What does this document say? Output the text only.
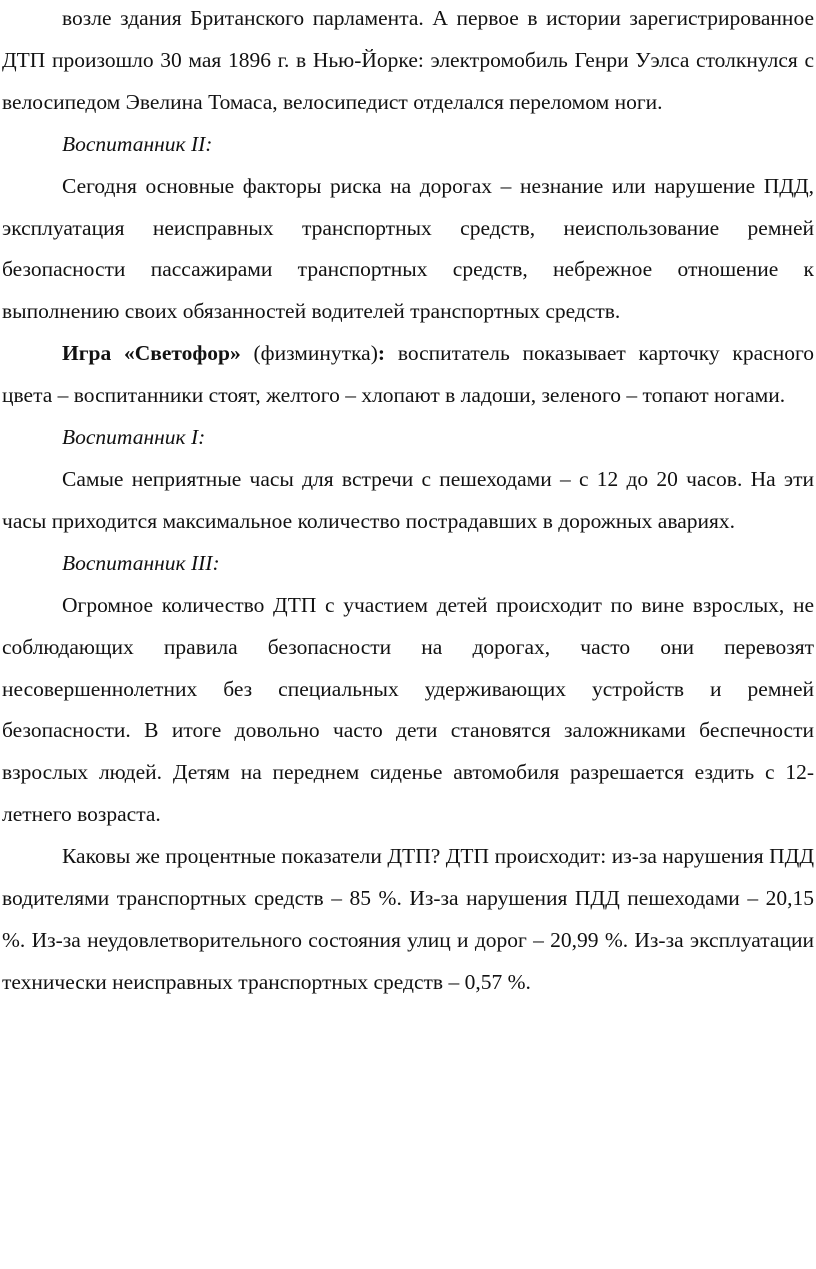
возле здания Британского парламента. А первое в истории зарегистрированное ДТП произошло 30 мая 1896 г. в Нью-Йорке: электромобиль Генри Уэлса столкнулся с велосипедом Эвелина Томаса, велосипедист отделался переломом ноги.

Воспитанник II:

Сегодня основные факторы риска на дорогах – незнание или нарушение ПДД, эксплуатация неисправных транспортных средств, неиспользование ремней безопасности пассажирами транспортных средств, небрежное отношение к выполнению своих обязанностей водителей транспортных средств.

Игра «Светофор» (физминутка): воспитатель показывает карточку красного цвета – воспитанники стоят, желтого – хлопают в ладоши, зеленого – топают ногами.

Воспитанник I:

Самые неприятные часы для встречи с пешеходами – с 12 до 20 часов. На эти часы приходится максимальное количество пострадавших в дорожных авариях.

Воспитанник III:

Огромное количество ДТП с участием детей происходит по вине взрослых, не соблюдающих правила безопасности на дорогах, часто они перевозят несовершеннолетних без специальных удерживающих устройств и ремней безопасности. В итоге довольно часто дети становятся заложниками беспечности взрослых людей. Детям на переднем сиденье автомобиля разрешается ездить с 12-летнего возраста.

Каковы же процентные показатели ДТП? ДТП происходит: из-за нарушения ПДД водителями транспортных средств – 85 %. Из-за нарушения ПДД пешеходами – 20,15 %. Из-за неудовлетворительного состояния улиц и дорог – 20,99 %. Из-за эксплуатации технически неисправных транспортных средств – 0,57 %.
